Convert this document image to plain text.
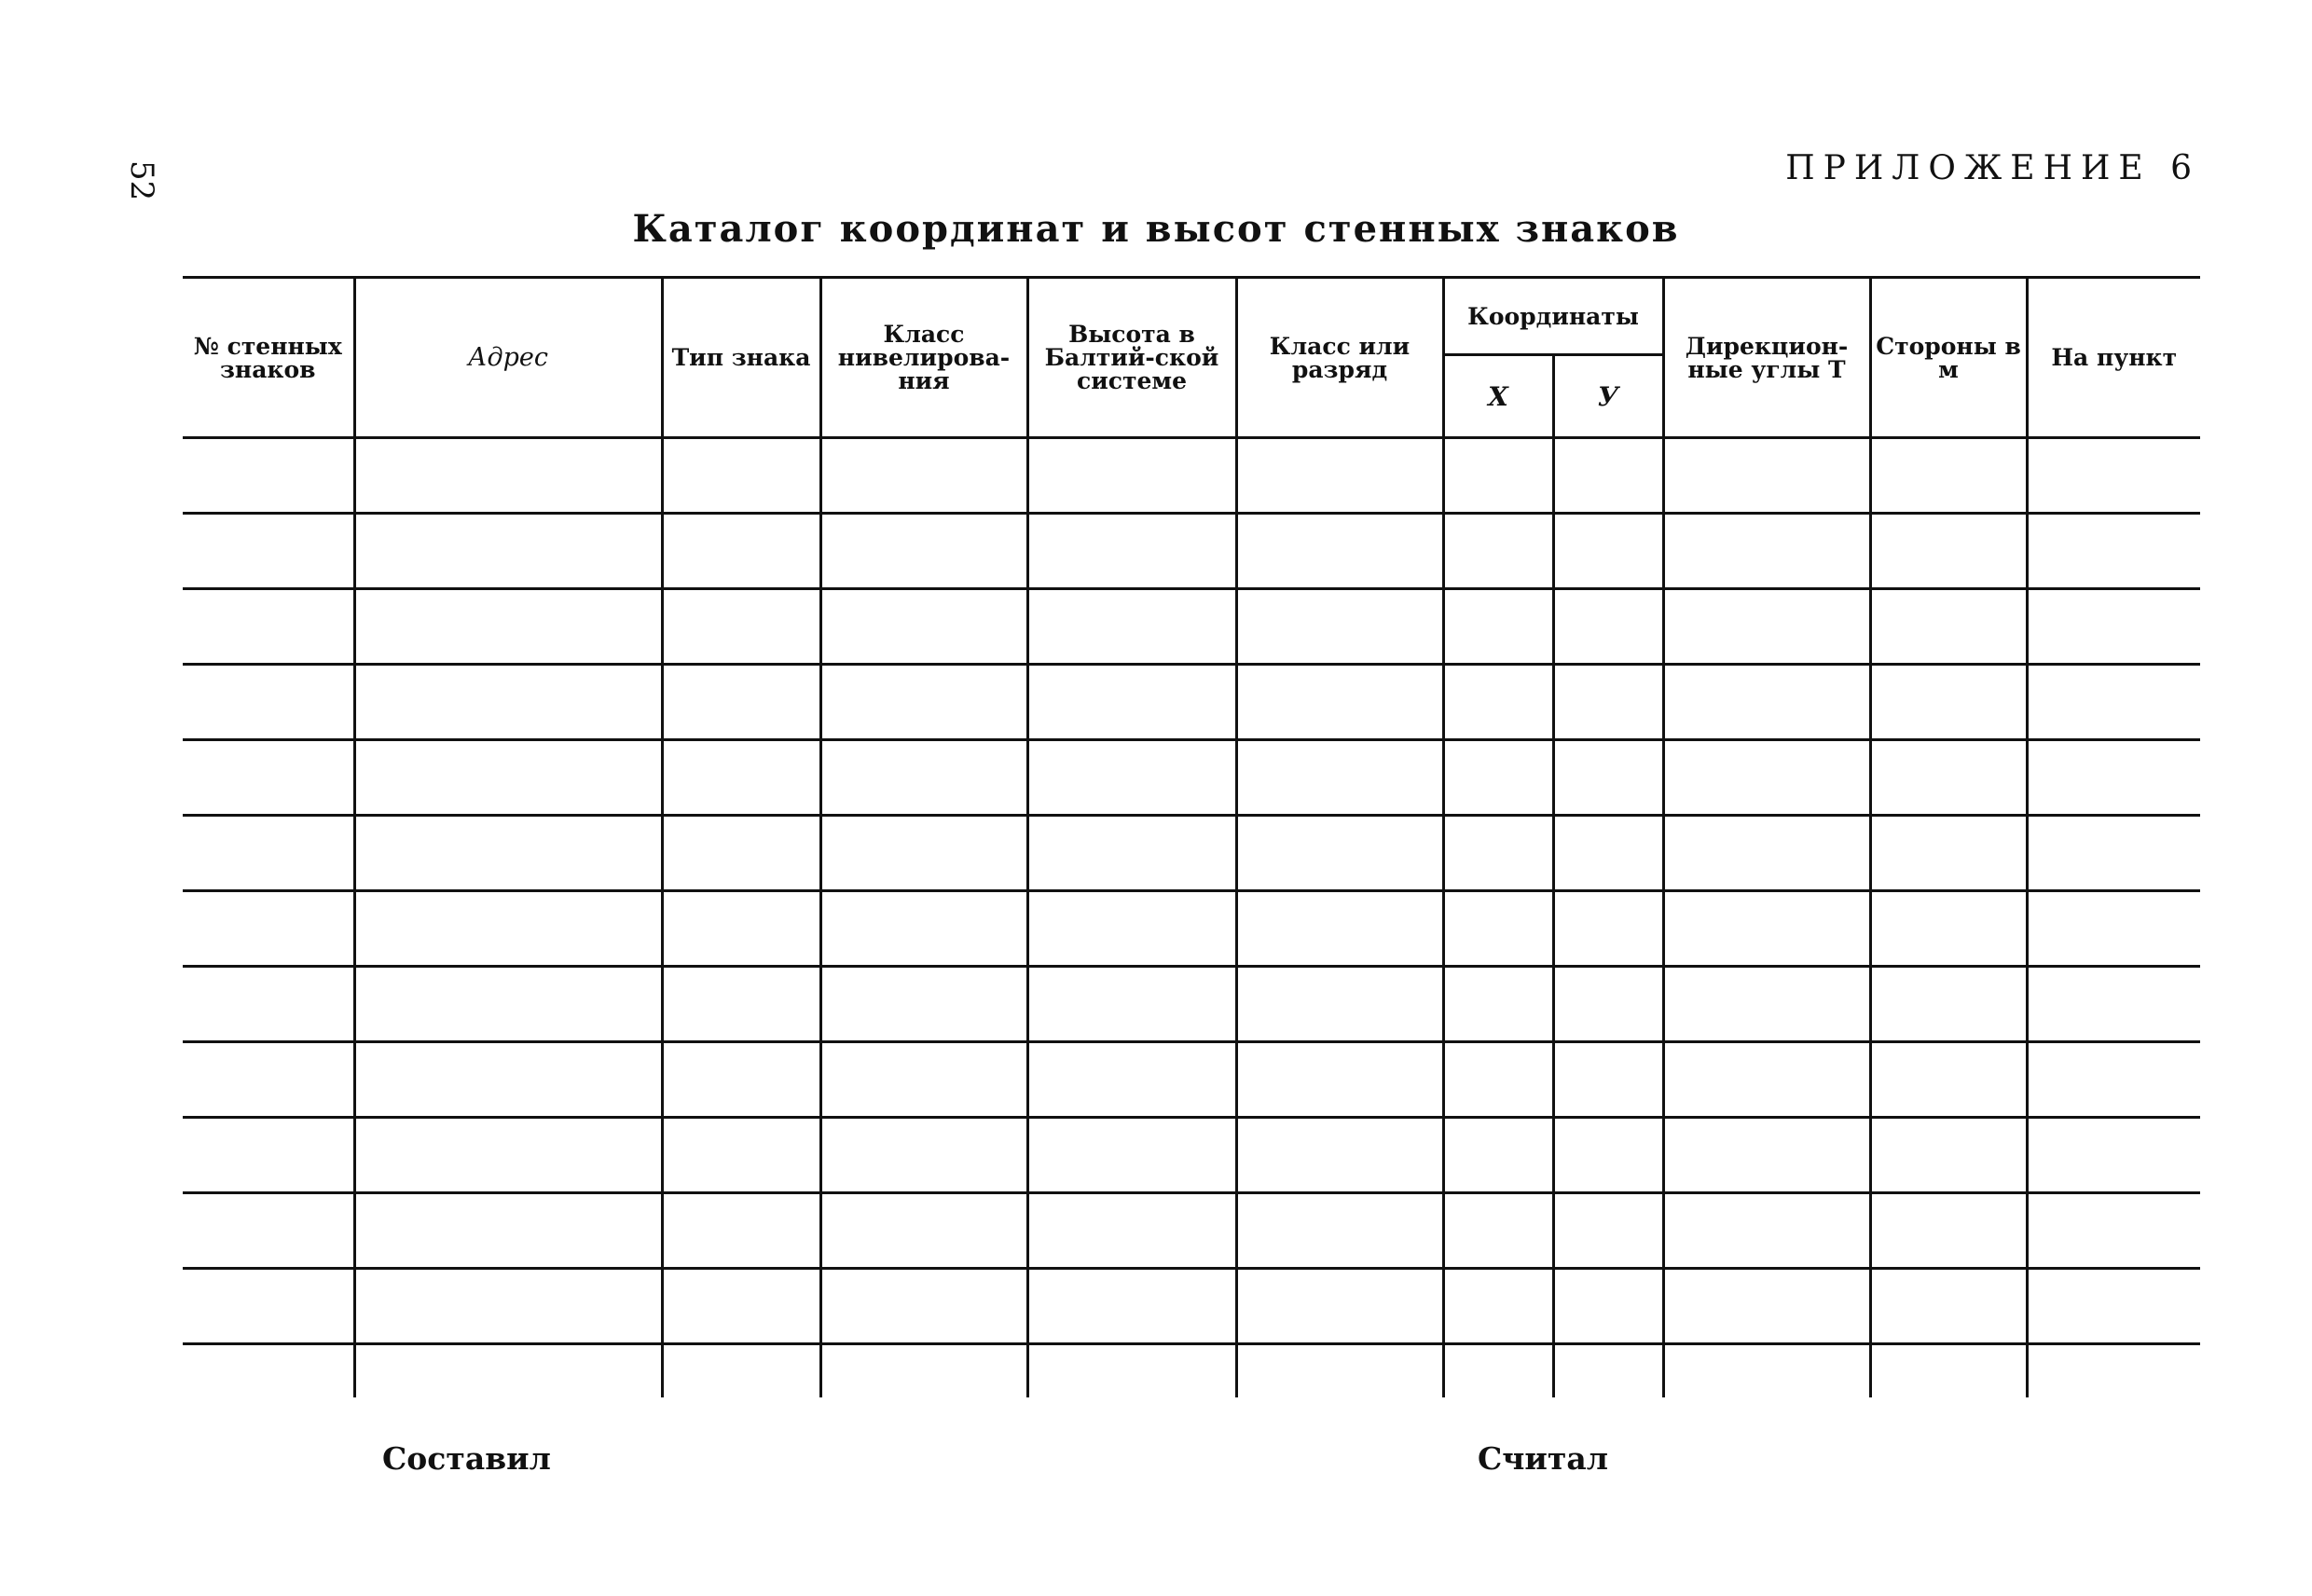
52	ПРИЛОЖЕНИЕ 6
Каталог координат и высот стенных знаков
№ стенных знаков	Адрес	Тип знака	Класс нивелирова-ния	Высота в Балтий-ской системе	Класс или разряд	Координаты		Дирекцион-ные углы T	Стороны в м	На пункт
						X	У			

Составил	Считал
